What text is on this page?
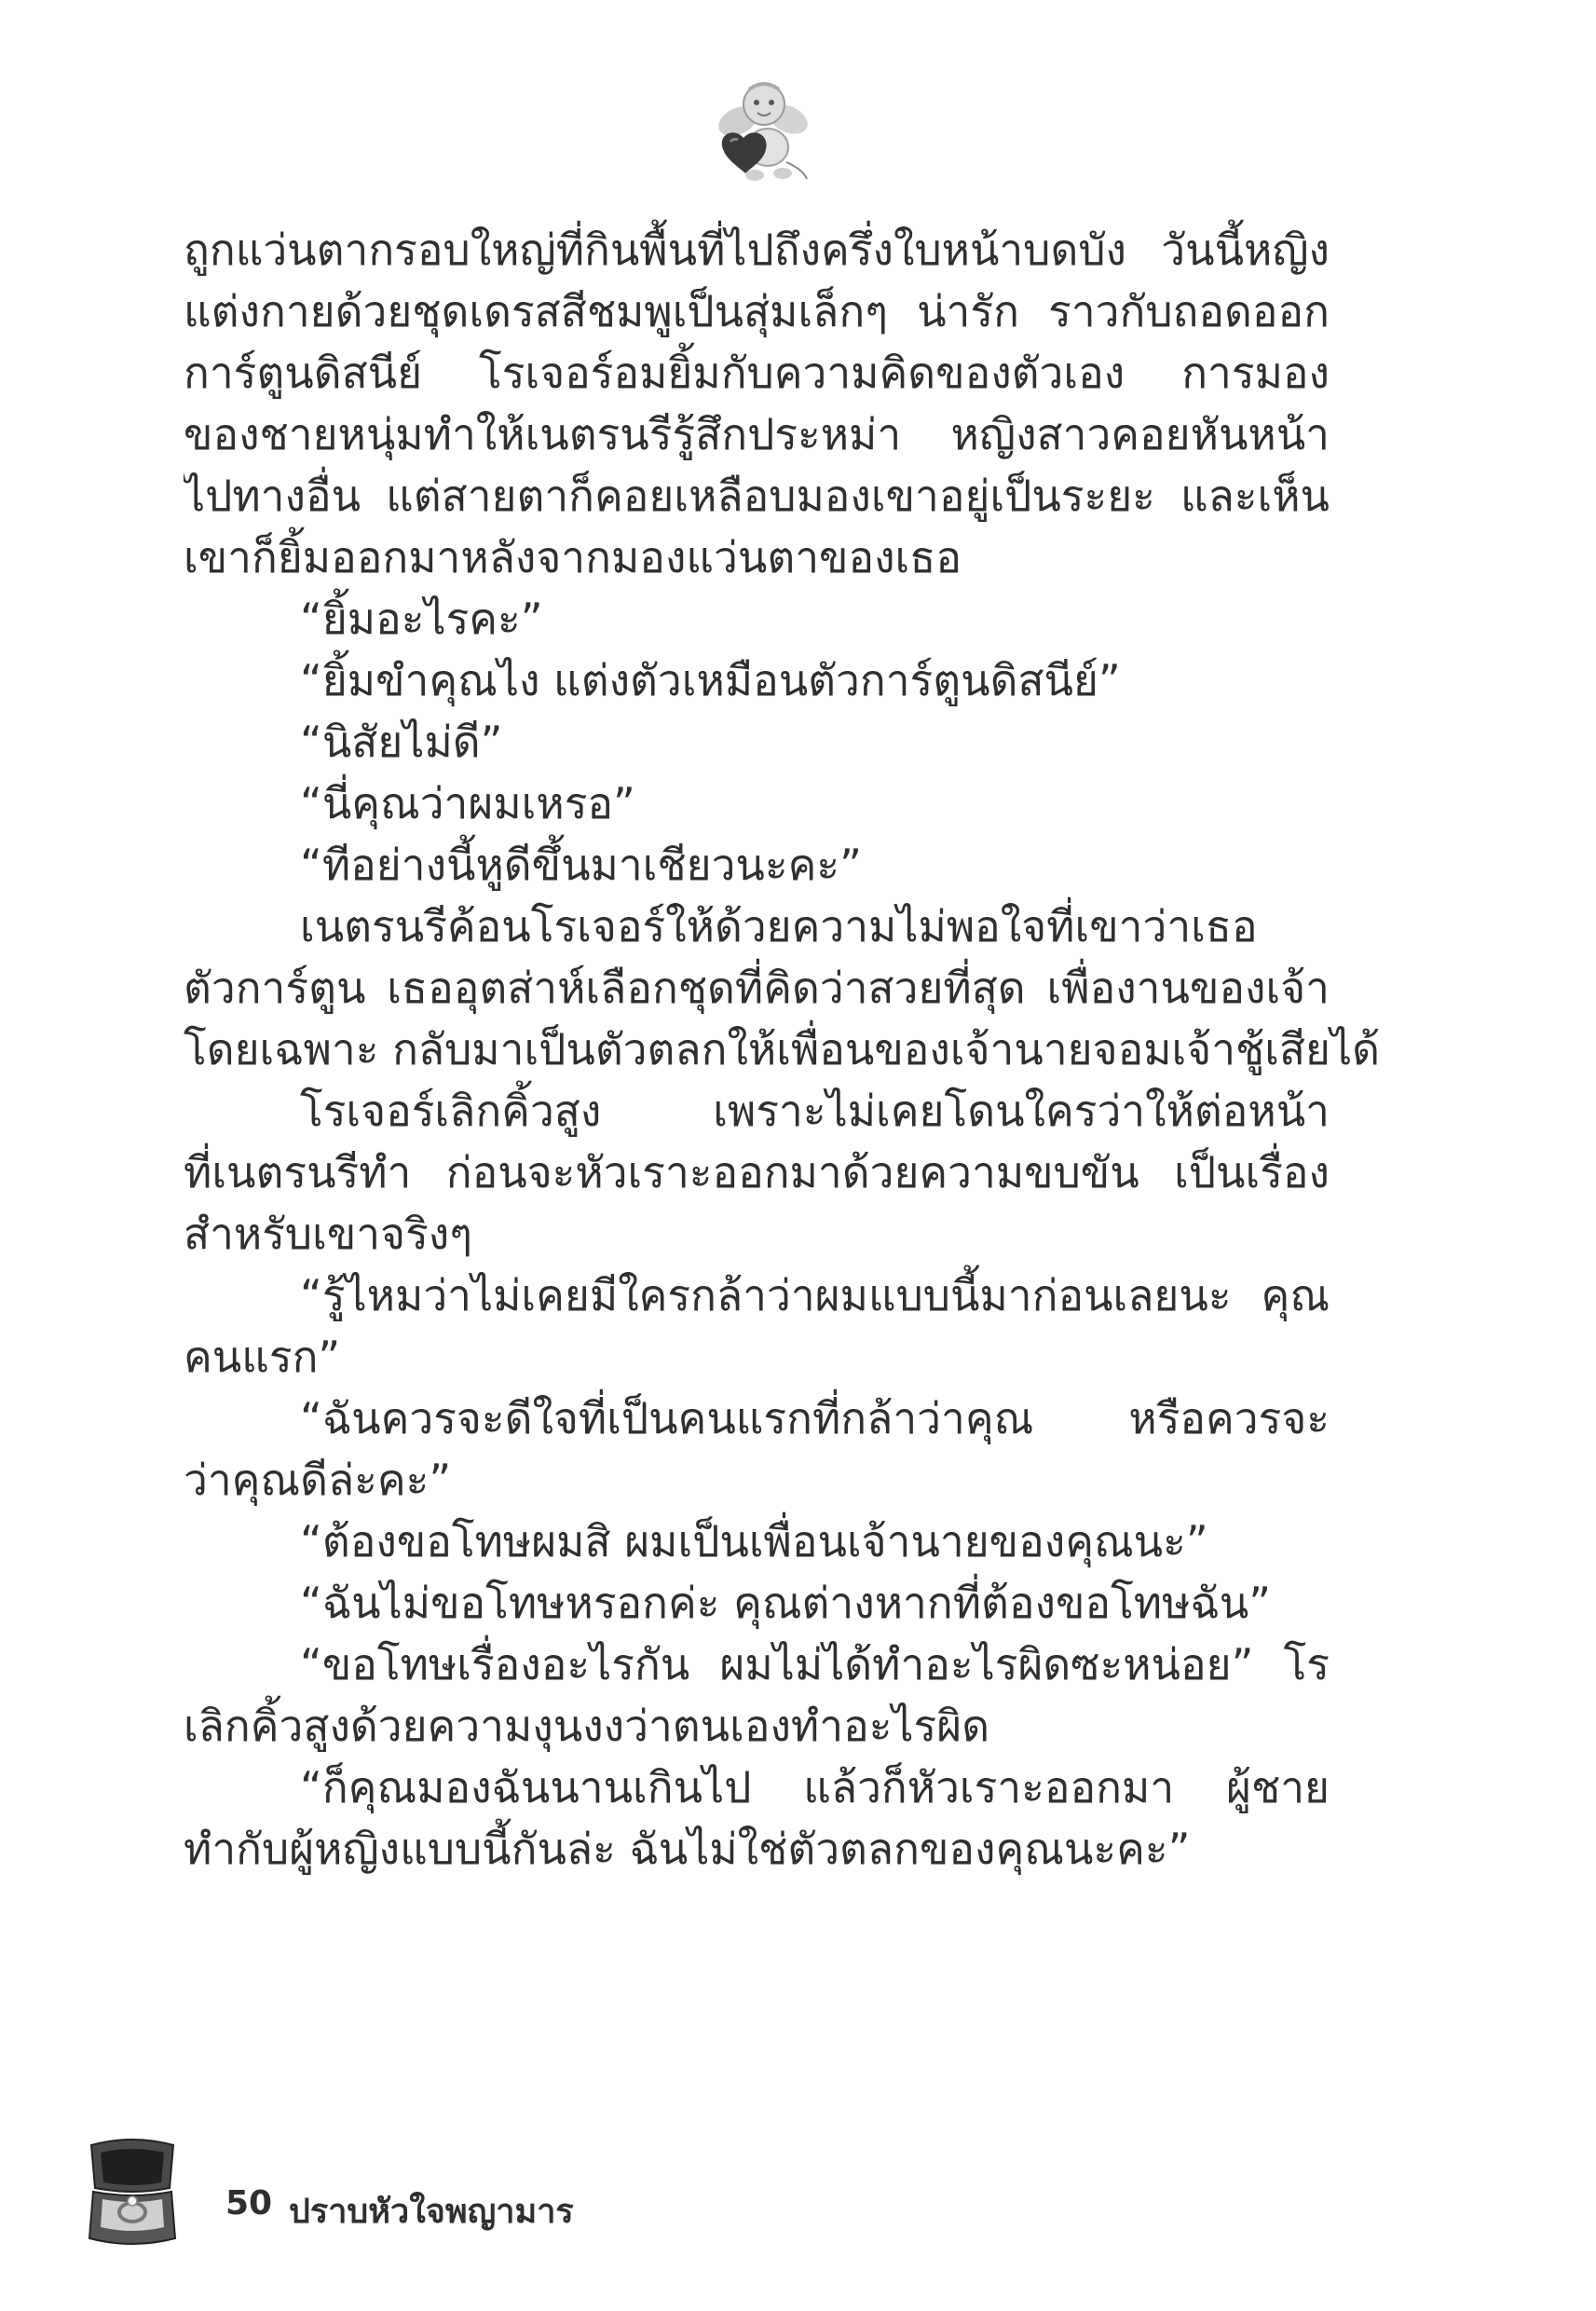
ถูกแว่นตากรอบใหญ่ที่กินพื้นที่ไปถึงครึ่งใบหน้าบดบัง วันนี้หญิง
แต่งกายด้วยชุดเดรสสีชมพูเป็นสุ่มเล็กๆ น่ารัก ราวกับถอดออก
การ์ตูนดิสนีย์ โรเจอร์อมยิ้มกับความคิดของตัวเอง การมอง
ของชายหนุ่มทำให้เนตรนรีรู้สึกประหม่า หญิงสาวคอยหันหน้า
ไปทางอื่น แต่สายตาก็คอยเหลือบมองเขาอยู่เป็นระยะ และเห็น
เขาก็ยิ้มออกมาหลังจากมองแว่นตาของเธอ
“ยิ้มอะไรคะ”
“ยิ้มขำคุณไง แต่งตัวเหมือนตัวการ์ตูนดิสนีย์”
“นิสัยไม่ดี”
“นี่คุณว่าผมเหรอ”
“ทีอย่างนี้หูดีขึ้นมาเชียวนะคะ”
เนตรนรีค้อนโรเจอร์ให้ด้วยความไม่พอใจที่เขาว่าเธอ
ตัวการ์ตูน เธออุตส่าห์เลือกชุดที่คิดว่าสวยที่สุด เพื่องานของเจ้า
โดยเฉพาะ กลับมาเป็นตัวตลกให้เพื่อนของเจ้านายจอมเจ้าชู้เสียได้
โรเจอร์เลิกคิ้วสูง เพราะไม่เคยโดนใครว่าให้ต่อหน้า
ที่เนตรนรีทำ ก่อนจะหัวเราะออกมาด้วยความขบขัน เป็นเรื่อง
สำหรับเขาจริงๆ
“รู้ไหมว่าไม่เคยมีใครกล้าว่าผมแบบนี้มาก่อนเลยนะ คุณ
คนแรก”
“ฉันควรจะดีใจที่เป็นคนแรกที่กล้าว่าคุณ หรือควรจะ
ว่าคุณดีล่ะคะ”
“ต้องขอโทษผมสิ ผมเป็นเพื่อนเจ้านายของคุณนะ”
“ฉันไม่ขอโทษหรอกค่ะ คุณต่างหากที่ต้องขอโทษฉัน”
“ขอโทษเรื่องอะไรกัน ผมไม่ได้ทำอะไรผิดซะหน่อย” โร
เลิกคิ้วสูงด้วยความงุนงงว่าตนเองทำอะไรผิด
“ก็คุณมองฉันนานเกินไป แล้วก็หัวเราะออกมา ผู้ชาย
ทำกับผู้หญิงแบบนี้กันล่ะ ฉันไม่ใช่ตัวตลกของคุณนะคะ”
50 ปราบหัวใจพญามาร
